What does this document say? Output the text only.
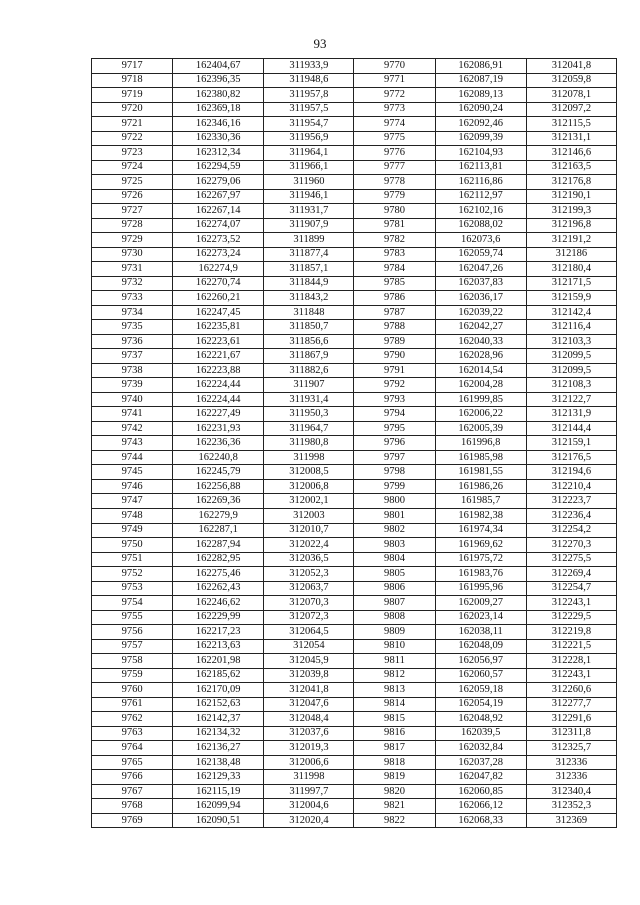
93
9717	162404,67	311933,9	9770	162086,91	312041,8
9718	162396,35	311948,6	9771	162087,19	312059,8
9719	162380,82	311957,8	9772	162089,13	312078,1
9720	162369,18	311957,5	9773	162090,24	312097,2
9721	162346,16	311954,7	9774	162092,46	312115,5
9722	162330,36	311956,9	9775	162099,39	312131,1
9723	162312,34	311964,1	9776	162104,93	312146,6
9724	162294,59	311966,1	9777	162113,81	312163,5
9725	162279,06	311960	9778	162116,86	312176,8
9726	162267,97	311946,1	9779	162112,97	312190,1
9727	162267,14	311931,7	9780	162102,16	312199,3
9728	162274,07	311907,9	9781	162088,02	312196,8
9729	162273,52	311899	9782	162073,6	312191,2
9730	162273,24	311877,4	9783	162059,74	312186
9731	162274,9	311857,1	9784	162047,26	312180,4
9732	162270,74	311844,9	9785	162037,83	312171,5
9733	162260,21	311843,2	9786	162036,17	312159,9
9734	162247,45	311848	9787	162039,22	312142,4
9735	162235,81	311850,7	9788	162042,27	312116,4
9736	162223,61	311856,6	9789	162040,33	312103,3
9737	162221,67	311867,9	9790	162028,96	312099,5
9738	162223,88	311882,6	9791	162014,54	312099,5
9739	162224,44	311907	9792	162004,28	312108,3
9740	162224,44	311931,4	9793	161999,85	312122,7
9741	162227,49	311950,3	9794	162006,22	312131,9
9742	162231,93	311964,7	9795	162005,39	312144,4
9743	162236,36	311980,8	9796	161996,8	312159,1
9744	162240,8	311998	9797	161985,98	312176,5
9745	162245,79	312008,5	9798	161981,55	312194,6
9746	162256,88	312006,8	9799	161986,26	312210,4
9747	162269,36	312002,1	9800	161985,7	312223,7
9748	162279,9	312003	9801	161982,38	312236,4
9749	162287,1	312010,7	9802	161974,34	312254,2
9750	162287,94	312022,4	9803	161969,62	312270,3
9751	162282,95	312036,5	9804	161975,72	312275,5
9752	162275,46	312052,3	9805	161983,76	312269,4
9753	162262,43	312063,7	9806	161995,96	312254,7
9754	162246,62	312070,3	9807	162009,27	312243,1
9755	162229,99	312072,3	9808	162023,14	312229,5
9756	162217,23	312064,5	9809	162038,11	312219,8
9757	162213,63	312054	9810	162048,09	312221,5
9758	162201,98	312045,9	9811	162056,97	312228,1
9759	162185,62	312039,8	9812	162060,57	312243,1
9760	162170,09	312041,8	9813	162059,18	312260,6
9761	162152,63	312047,6	9814	162054,19	312277,7
9762	162142,37	312048,4	9815	162048,92	312291,6
9763	162134,32	312037,6	9816	162039,5	312311,8
9764	162136,27	312019,3	9817	162032,84	312325,7
9765	162138,48	312006,6	9818	162037,28	312336
9766	162129,33	311998	9819	162047,82	312336
9767	162115,19	311997,7	9820	162060,85	312340,4
9768	162099,94	312004,6	9821	162066,12	312352,3
9769	162090,51	312020,4	9822	162068,33	312369
